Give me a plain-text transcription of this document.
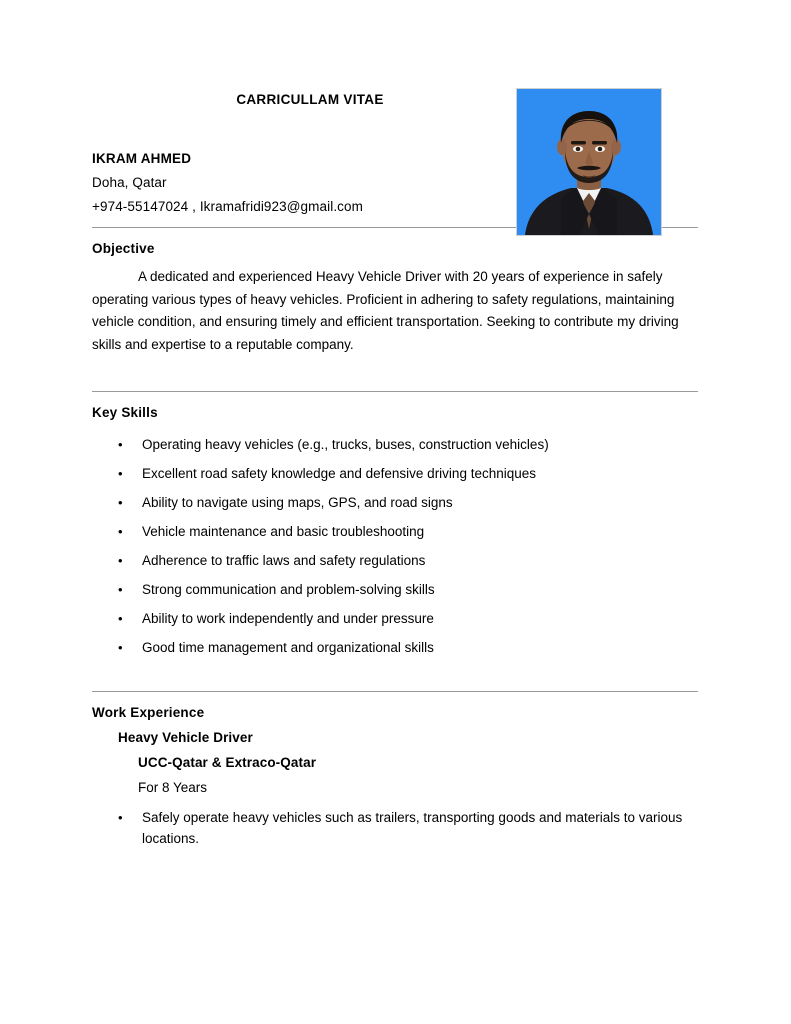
CARRICULLAM VITAE
IKRAM AHMED
Doha, Qatar
+974-55147024 , Ikramafridi923@gmail.com
Objective

A dedicated and experienced Heavy Vehicle Driver with 20 years of experience in safely operating various types of heavy vehicles. Proficient in adhering to safety regulations, maintaining vehicle condition, and ensuring timely and efficient transportation. Seeking to contribute my driving skills and expertise to a reputable company.

Key Skills
• Operating heavy vehicles (e.g., trucks, buses, construction vehicles)
• Excellent road safety knowledge and defensive driving techniques
• Ability to navigate using maps, GPS, and road signs
• Vehicle maintenance and basic troubleshooting
• Adherence to traffic laws and safety regulations
• Strong communication and problem-solving skills
• Ability to work independently and under pressure
• Good time management and organizational skills
Work Experience
Heavy Vehicle Driver
UCC-Qatar & Extraco-Qatar
For 8 Years
• Safely operate heavy vehicles such as trailers, transporting goods and materials to various locations.
